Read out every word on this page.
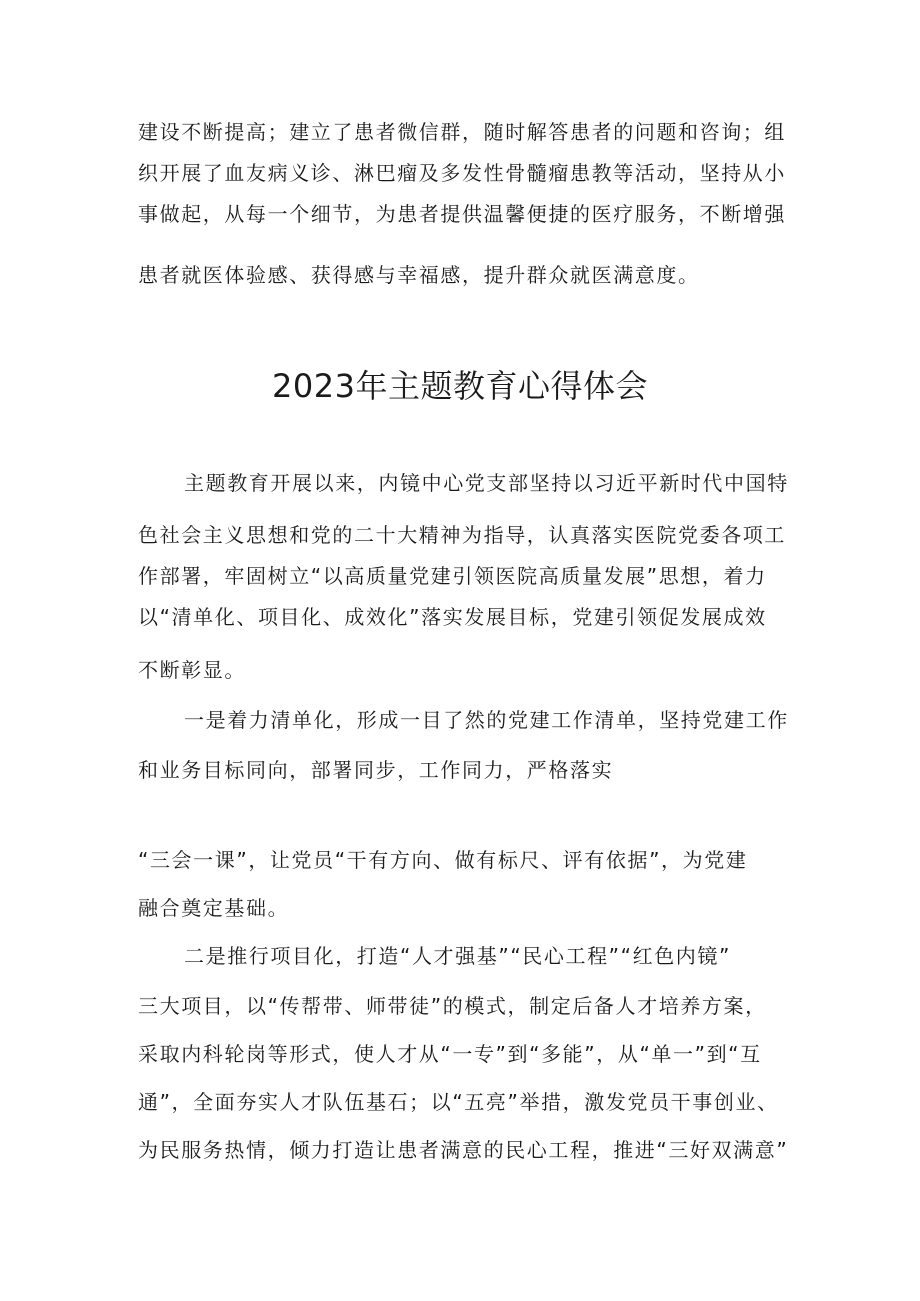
建设不断提高；建立了患者微信群，随时解答患者的问题和咨询；组
织开展了血友病义诊、淋巴瘤及多发性骨髓瘤患教等活动，坚持从小
事做起，从每一个细节，为患者提供温馨便捷的医疗服务，不断增强
患者就医体验感、获得感与幸福感，提升群众就医满意度。
2023年主题教育心得体会
主题教育开展以来，内镜中心党支部坚持以习近平新时代中国特
色社会主义思想和党的二十大精神为指导，认真落实医院党委各项工
作部署，牢固树立“以高质量党建引领医院高质量发展”思想，着力
以“清单化、项目化、成效化”落实发展目标，党建引领促发展成效
不断彰显。
一是着力清单化，形成一目了然的党建工作清单，坚持党建工作
和业务目标同向，部署同步，工作同力，严格落实
“三会一课”，让党员“干有方向、做有标尺、评有依据”，为党建
融合奠定基础。
二是推行项目化，打造“人才强基”“民心工程”“红色内镜”
三大项目，以“传帮带、师带徒”的模式，制定后备人才培养方案，
采取内科轮岗等形式，使人才从“一专”到“多能”，从“单一”到“互
通”，全面夯实人才队伍基石；以“五亮”举措，激发党员干事创业、
为民服务热情，倾力打造让患者满意的民心工程，推进“三好双满意”
